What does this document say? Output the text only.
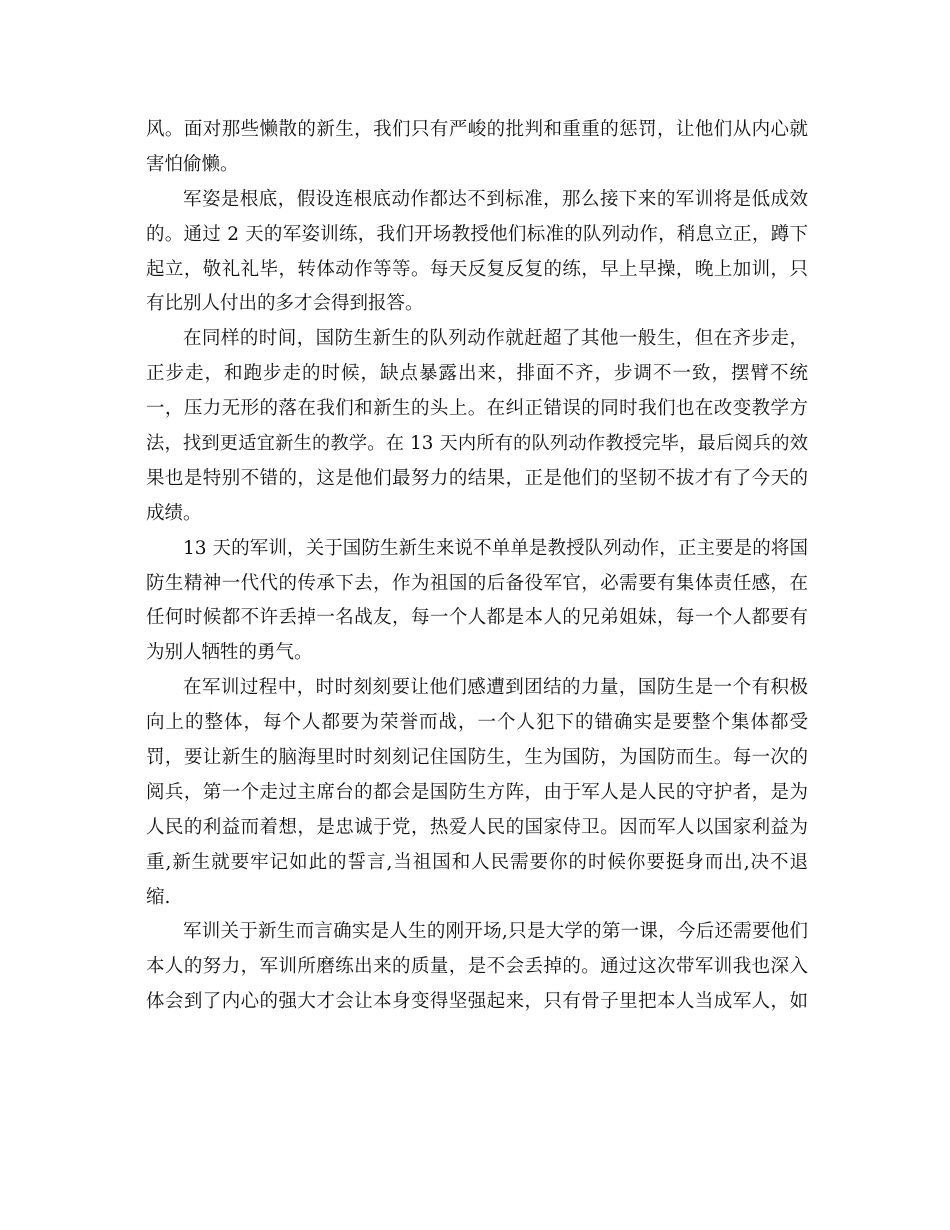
风。面对那些懒散的新生，我们只有严峻的批判和重重的惩罚，让他们从内心就
害怕偷懒。
军姿是根底，假设连根底动作都达不到标准，那么接下来的军训将是低成效
的。通过 2 天的军姿训练，我们开场教授他们标准的队列动作，稍息立正，蹲下
起立，敬礼礼毕，转体动作等等。每天反复反复的练，早上早操，晚上加训，只
有比别人付出的多才会得到报答。
在同样的时间，国防生新生的队列动作就赶超了其他一般生，但在齐步走，
正步走，和跑步走的时候，缺点暴露出来，排面不齐，步调不一致，摆臂不统
一，压力无形的落在我们和新生的头上。在纠正错误的同时我们也在改变教学方
法，找到更适宜新生的教学。在 13 天内所有的队列动作教授完毕，最后阅兵的效
果也是特别不错的，这是他们最努力的结果，正是他们的坚韧不拔才有了今天的
成绩。
13 天的军训，关于国防生新生来说不单单是教授队列动作，正主要是的将国
防生精神一代代的传承下去，作为祖国的后备役军官，必需要有集体责任感，在
任何时候都不许丢掉一名战友，每一个人都是本人的兄弟姐妹，每一个人都要有
为别人牺牲的勇气。
在军训过程中，时时刻刻要让他们感遭到团结的力量，国防生是一个有积极
向上的整体，每个人都要为荣誉而战，一个人犯下的错确实是要整个集体都受
罚，要让新生的脑海里时时刻刻记住国防生，生为国防，为国防而生。每一次的
阅兵，第一个走过主席台的都会是国防生方阵，由于军人是人民的守护者，是为
人民的利益而着想，是忠诚于党，热爱人民的国家侍卫。因而军人以国家利益为
重,新生就要牢记如此的誓言,当祖国和人民需要你的时候你要挺身而出,决不退
缩.
军训关于新生而言确实是人生的刚开场,只是大学的第一课，今后还需要他们
本人的努力，军训所磨练出来的质量，是不会丢掉的。通过这次带军训我也深入
体会到了内心的强大才会让本身变得坚强起来，只有骨子里把本人当成军人，如
